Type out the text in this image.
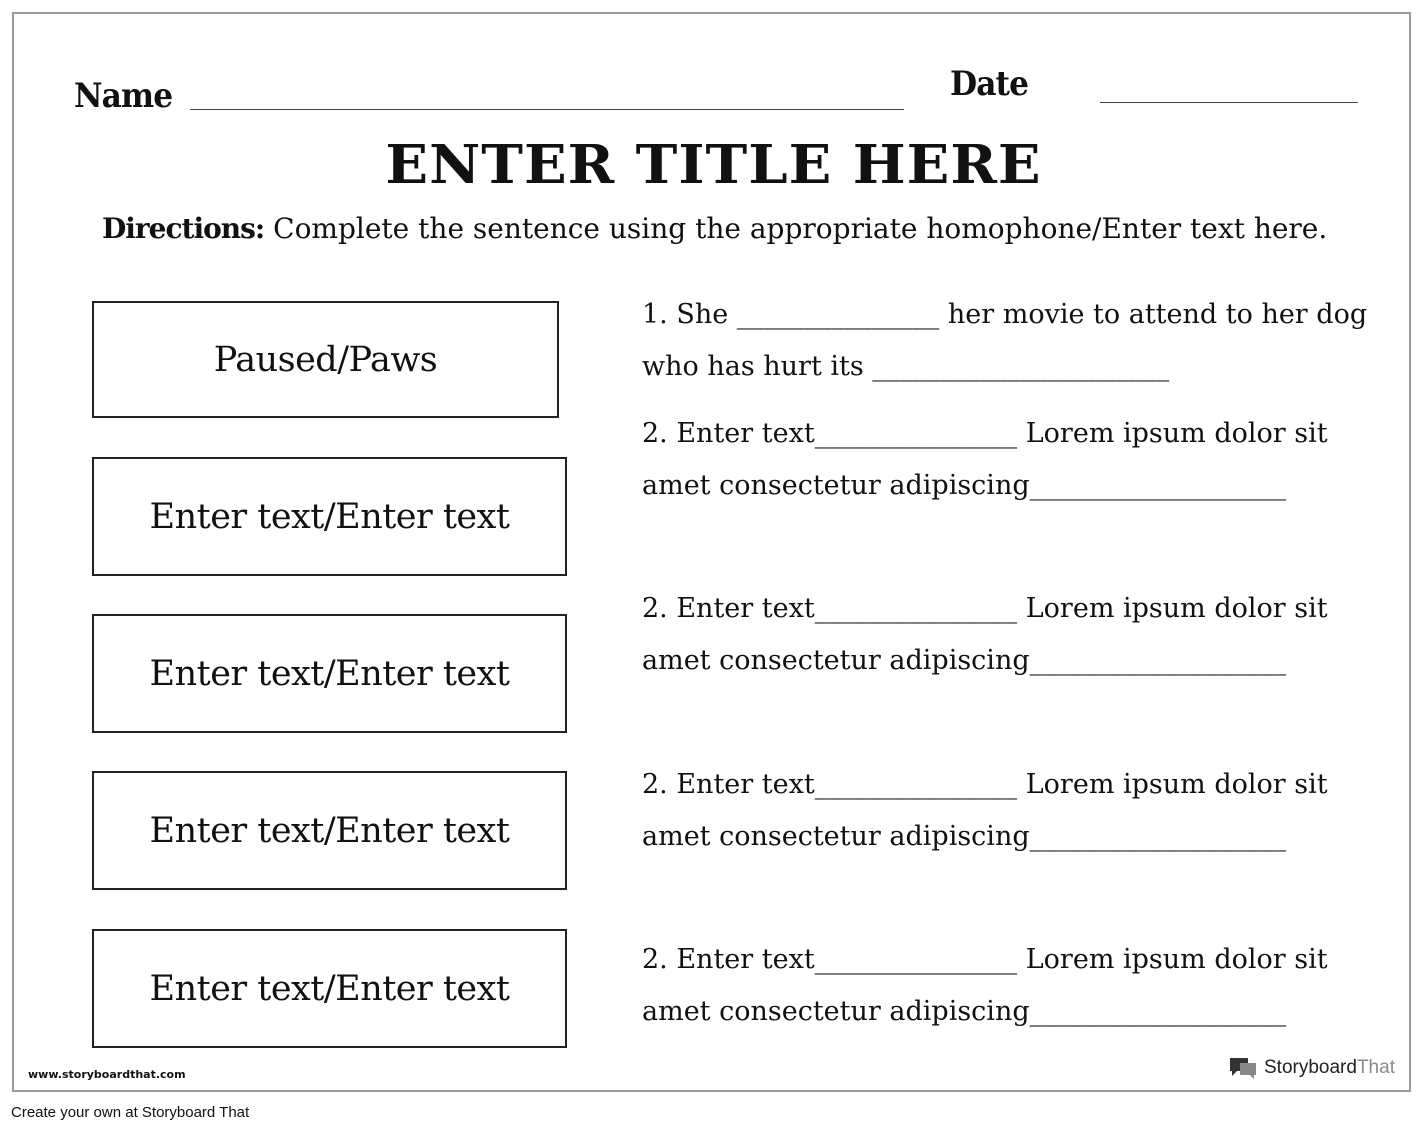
Name	Date
ENTER TITLE HERE
Directions: Complete the sentence using the appropriate homophone/Enter text here.
Paused/Paws
Enter text/Enter text
Enter text/Enter text
Enter text/Enter text
Enter text/Enter text
1. She _______________ her movie to attend to her dog
who has hurt its ______________________
2. Enter text_______________ Lorem ipsum dolor sit
amet consectetur adipiscing___________________
2. Enter text_______________ Lorem ipsum dolor sit
amet consectetur adipiscing___________________
2. Enter text_______________ Lorem ipsum dolor sit
amet consectetur adipiscing___________________
2. Enter text_______________ Lorem ipsum dolor sit
amet consectetur adipiscing___________________
www.storyboardthat.com	StoryboardThat
Create your own at Storyboard That
